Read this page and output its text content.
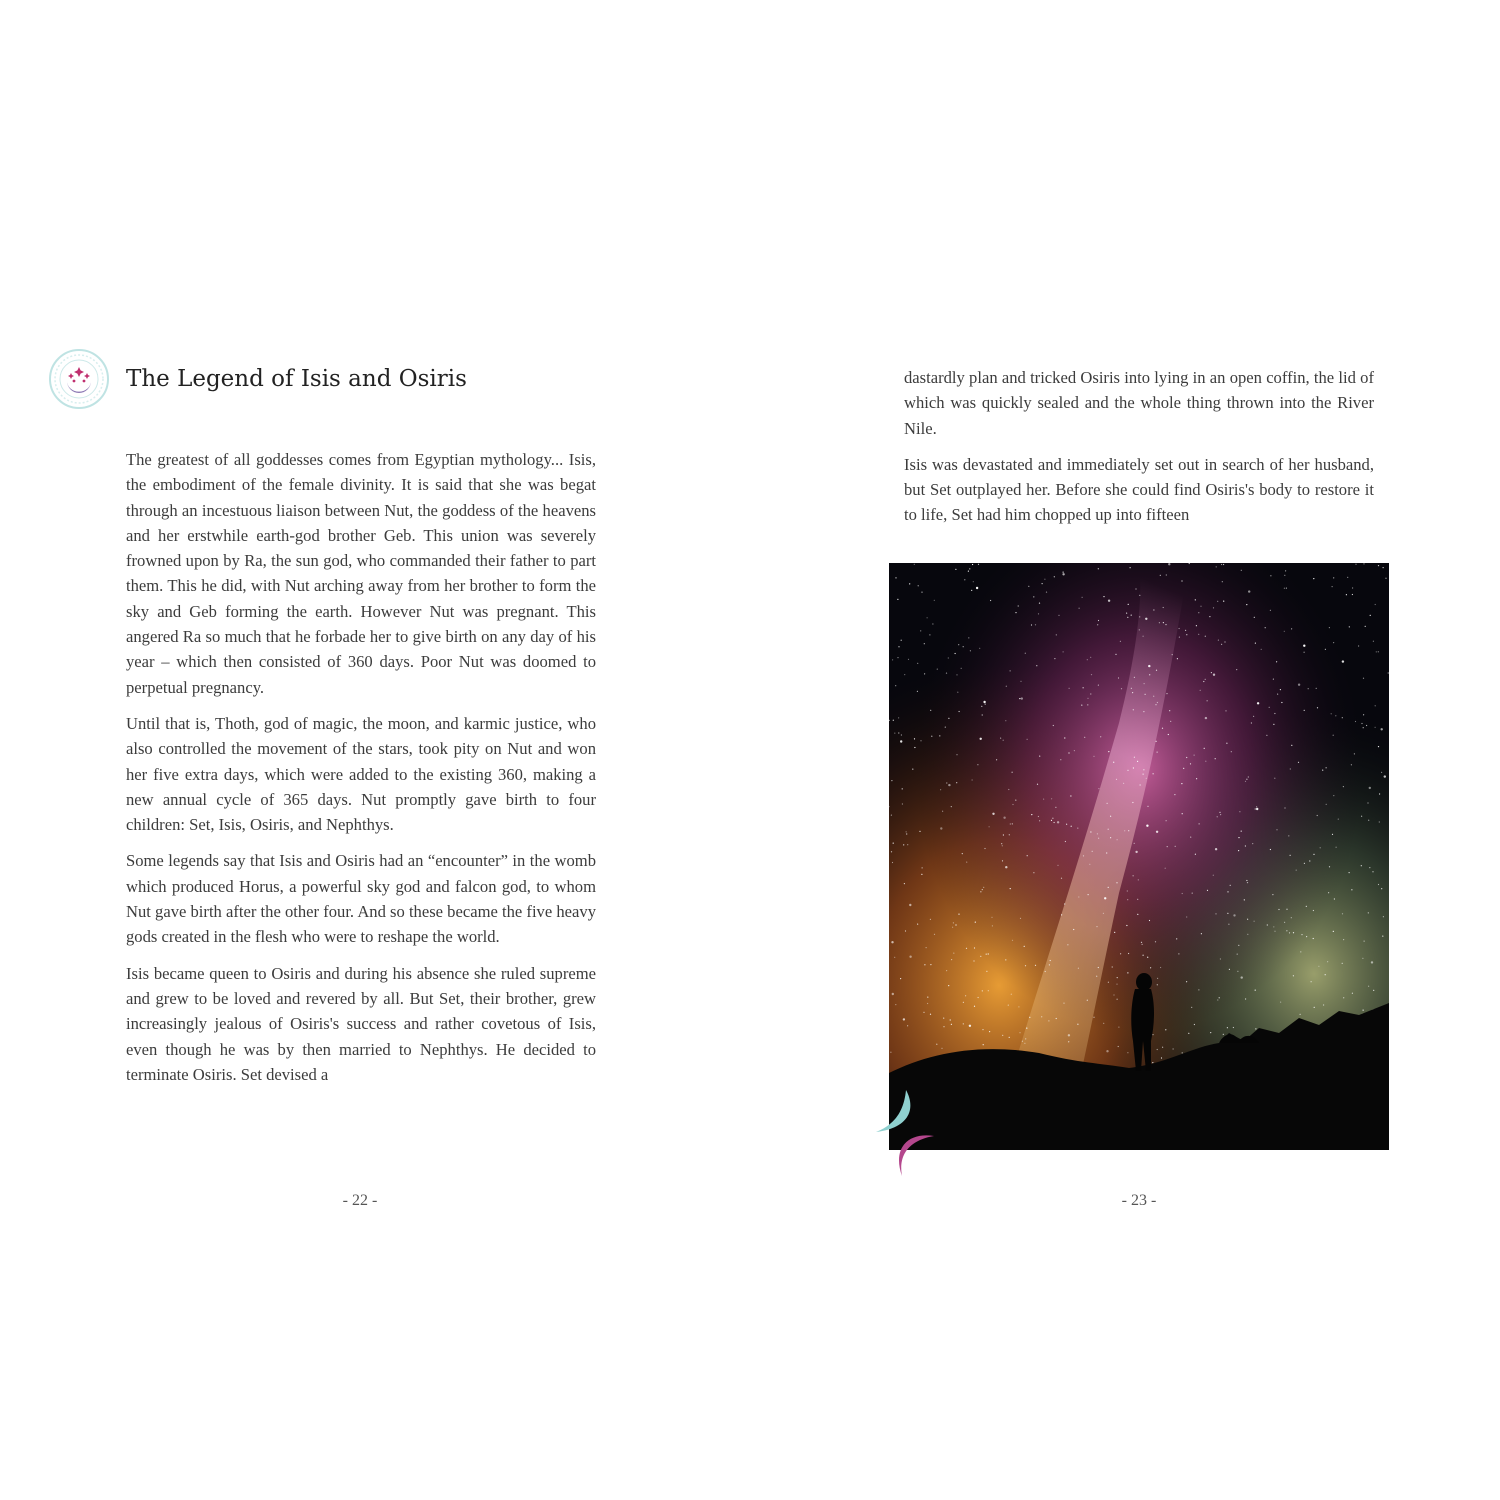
The Legend of Isis and Osiris

The greatest of all goddesses comes from Egyptian mythology... Isis, the embodiment of the female divinity. It is said that she was begat through an incestuous liaison between Nut, the goddess of the heavens and her erstwhile earth-god brother Geb. This union was severely frowned upon by Ra, the sun god, who commanded their father to part them. This he did, with Nut arching away from her brother to form the sky and Geb forming the earth. However Nut was pregnant. This angered Ra so much that he forbade her to give birth on any day of his year – which then consisted of 360 days. Poor Nut was doomed to perpetual pregnancy.

Until that is, Thoth, god of magic, the moon, and karmic justice, who also controlled the movement of the stars, took pity on Nut and won her five extra days, which were added to the existing 360, making a new annual cycle of 365 days. Nut promptly gave birth to four children: Set, Isis, Osiris, and Nephthys.

Some legends say that Isis and Osiris had an “encounter” in the womb which produced Horus, a powerful sky god and falcon god, to whom Nut gave birth after the other four. And so these became the five heavy gods created in the flesh who were to reshape the world.

Isis became queen to Osiris and during his absence she ruled supreme and grew to be loved and revered by all. But Set, their brother, grew increasingly jealous of Osiris's success and rather covetous of Isis, even though he was by then married to Nephthys. He decided to terminate Osiris. Set devised a

- 22 -

dastardly plan and tricked Osiris into lying in an open coffin, the lid of which was quickly sealed and the whole thing thrown into the River Nile.

Isis was devastated and immediately set out in search of her husband, but Set outplayed her. Before she could find Osiris's body to restore it to life, Set had him chopped up into fifteen

- 23 -
